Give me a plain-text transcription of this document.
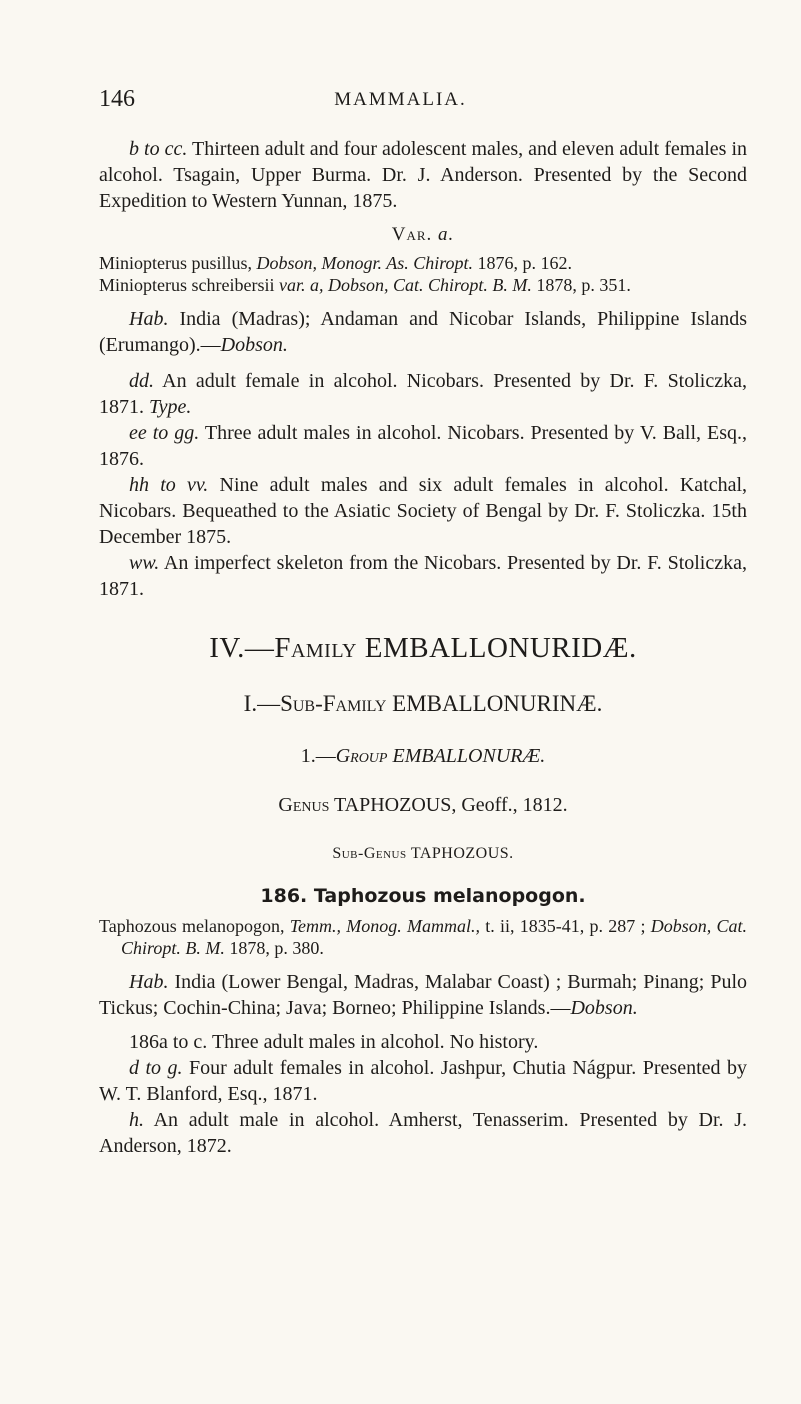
146	MAMMALIA.

b to cc. Thirteen adult and four adolescent males, and eleven adult females in alcohol. Tsagain, Upper Burma. Dr. J. Anderson. Presented by the Second Expedition to Western Yunnan, 1875.

Var. a.

Miniopterus pusillus, Dobson, Monogr. As. Chiropt. 1876, p. 162.

Miniopterus schreibersii var. a, Dobson, Cat. Chiropt. B. M. 1878, p. 351.

Hab. India (Madras); Andaman and Nicobar Islands, Philippine Islands (Erumango).—Dobson.

dd. An adult female in alcohol. Nicobars. Presented by Dr. F. Stoliczka, 1871. Type.

ee to gg. Three adult males in alcohol. Nicobars. Presented by V. Ball, Esq., 1876.

hh to vv. Nine adult males and six adult females in alcohol. Katchal, Nicobars. Bequeathed to the Asiatic Society of Bengal by Dr. F. Stoliczka. 15th December 1875.

ww. An imperfect skeleton from the Nicobars. Presented by Dr. F. Stoliczka, 1871.

IV.—Family EMBALLONURIDÆ.

I.—Sub-Family EMBALLONURINÆ.

1.—Group EMBALLONURÆ.

Genus TAPHOZOUS, Geoff., 1812.

Sub-Genus TAPHOZOUS.

186. Taphozous melanopogon.

Taphozous melanopogon, Temm., Monog. Mammal., t. ii, 1835-41, p. 287 ; Dobson, Cat. Chiropt. B. M. 1878, p. 380.

Hab. India (Lower Bengal, Madras, Malabar Coast) ; Burmah; Pinang; Pulo Tickus; Cochin-China; Java; Borneo; Philippine Islands.—Dobson.

186a to c. Three adult males in alcohol. No history.

d to g. Four adult females in alcohol. Jashpur, Chutia Nágpur. Presented by W. T. Blanford, Esq., 1871.

h. An adult male in alcohol. Amherst, Tenasserim. Presented by Dr. J. Anderson, 1872.
